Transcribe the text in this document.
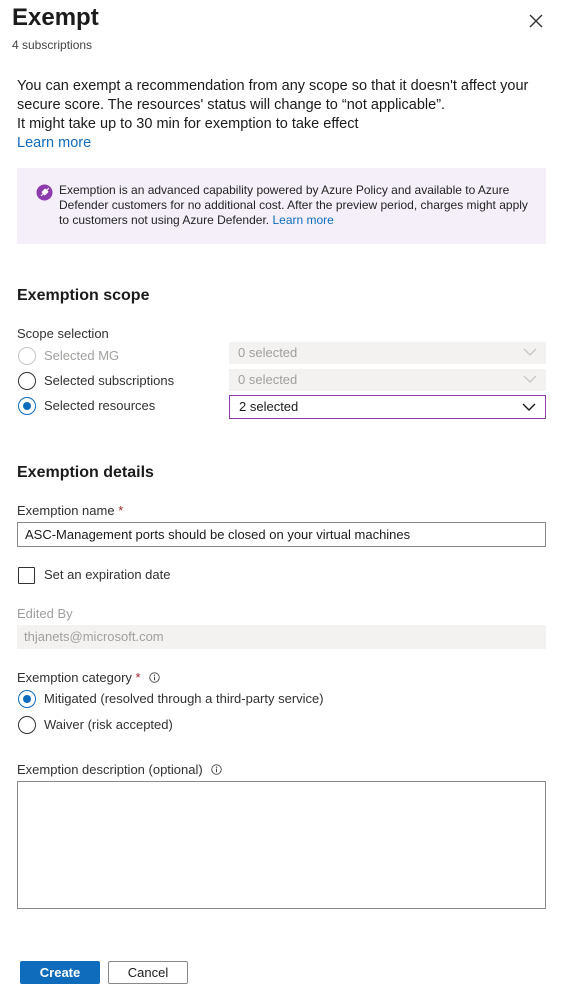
Exempt
4 subscriptions

You can exempt a recommendation from any scope so that it doesn't affect your secure score. The resources' status will change to “not applicable”.

It might take up to 30 min for exemption to take effect

Learn more

Exemption is an advanced capability powered by Azure Policy and available to Azure Defender customers for no additional cost. After the preview period, charges might apply to customers not using Azure Defender. Learn more
Exemption scope
Scope selection
Selected MG	0 selected
Selected subscriptions	0 selected
Selected resources	2 selected
Exemption details
Exemption name *
ASC-Management ports should be closed on your virtual machines
Set an expiration date
Edited By
thjanets@microsoft.com
Exemption category *
Mitigated (resolved through a third-party service)
Waiver (risk accepted)
Exemption description (optional)
Create	Cancel
